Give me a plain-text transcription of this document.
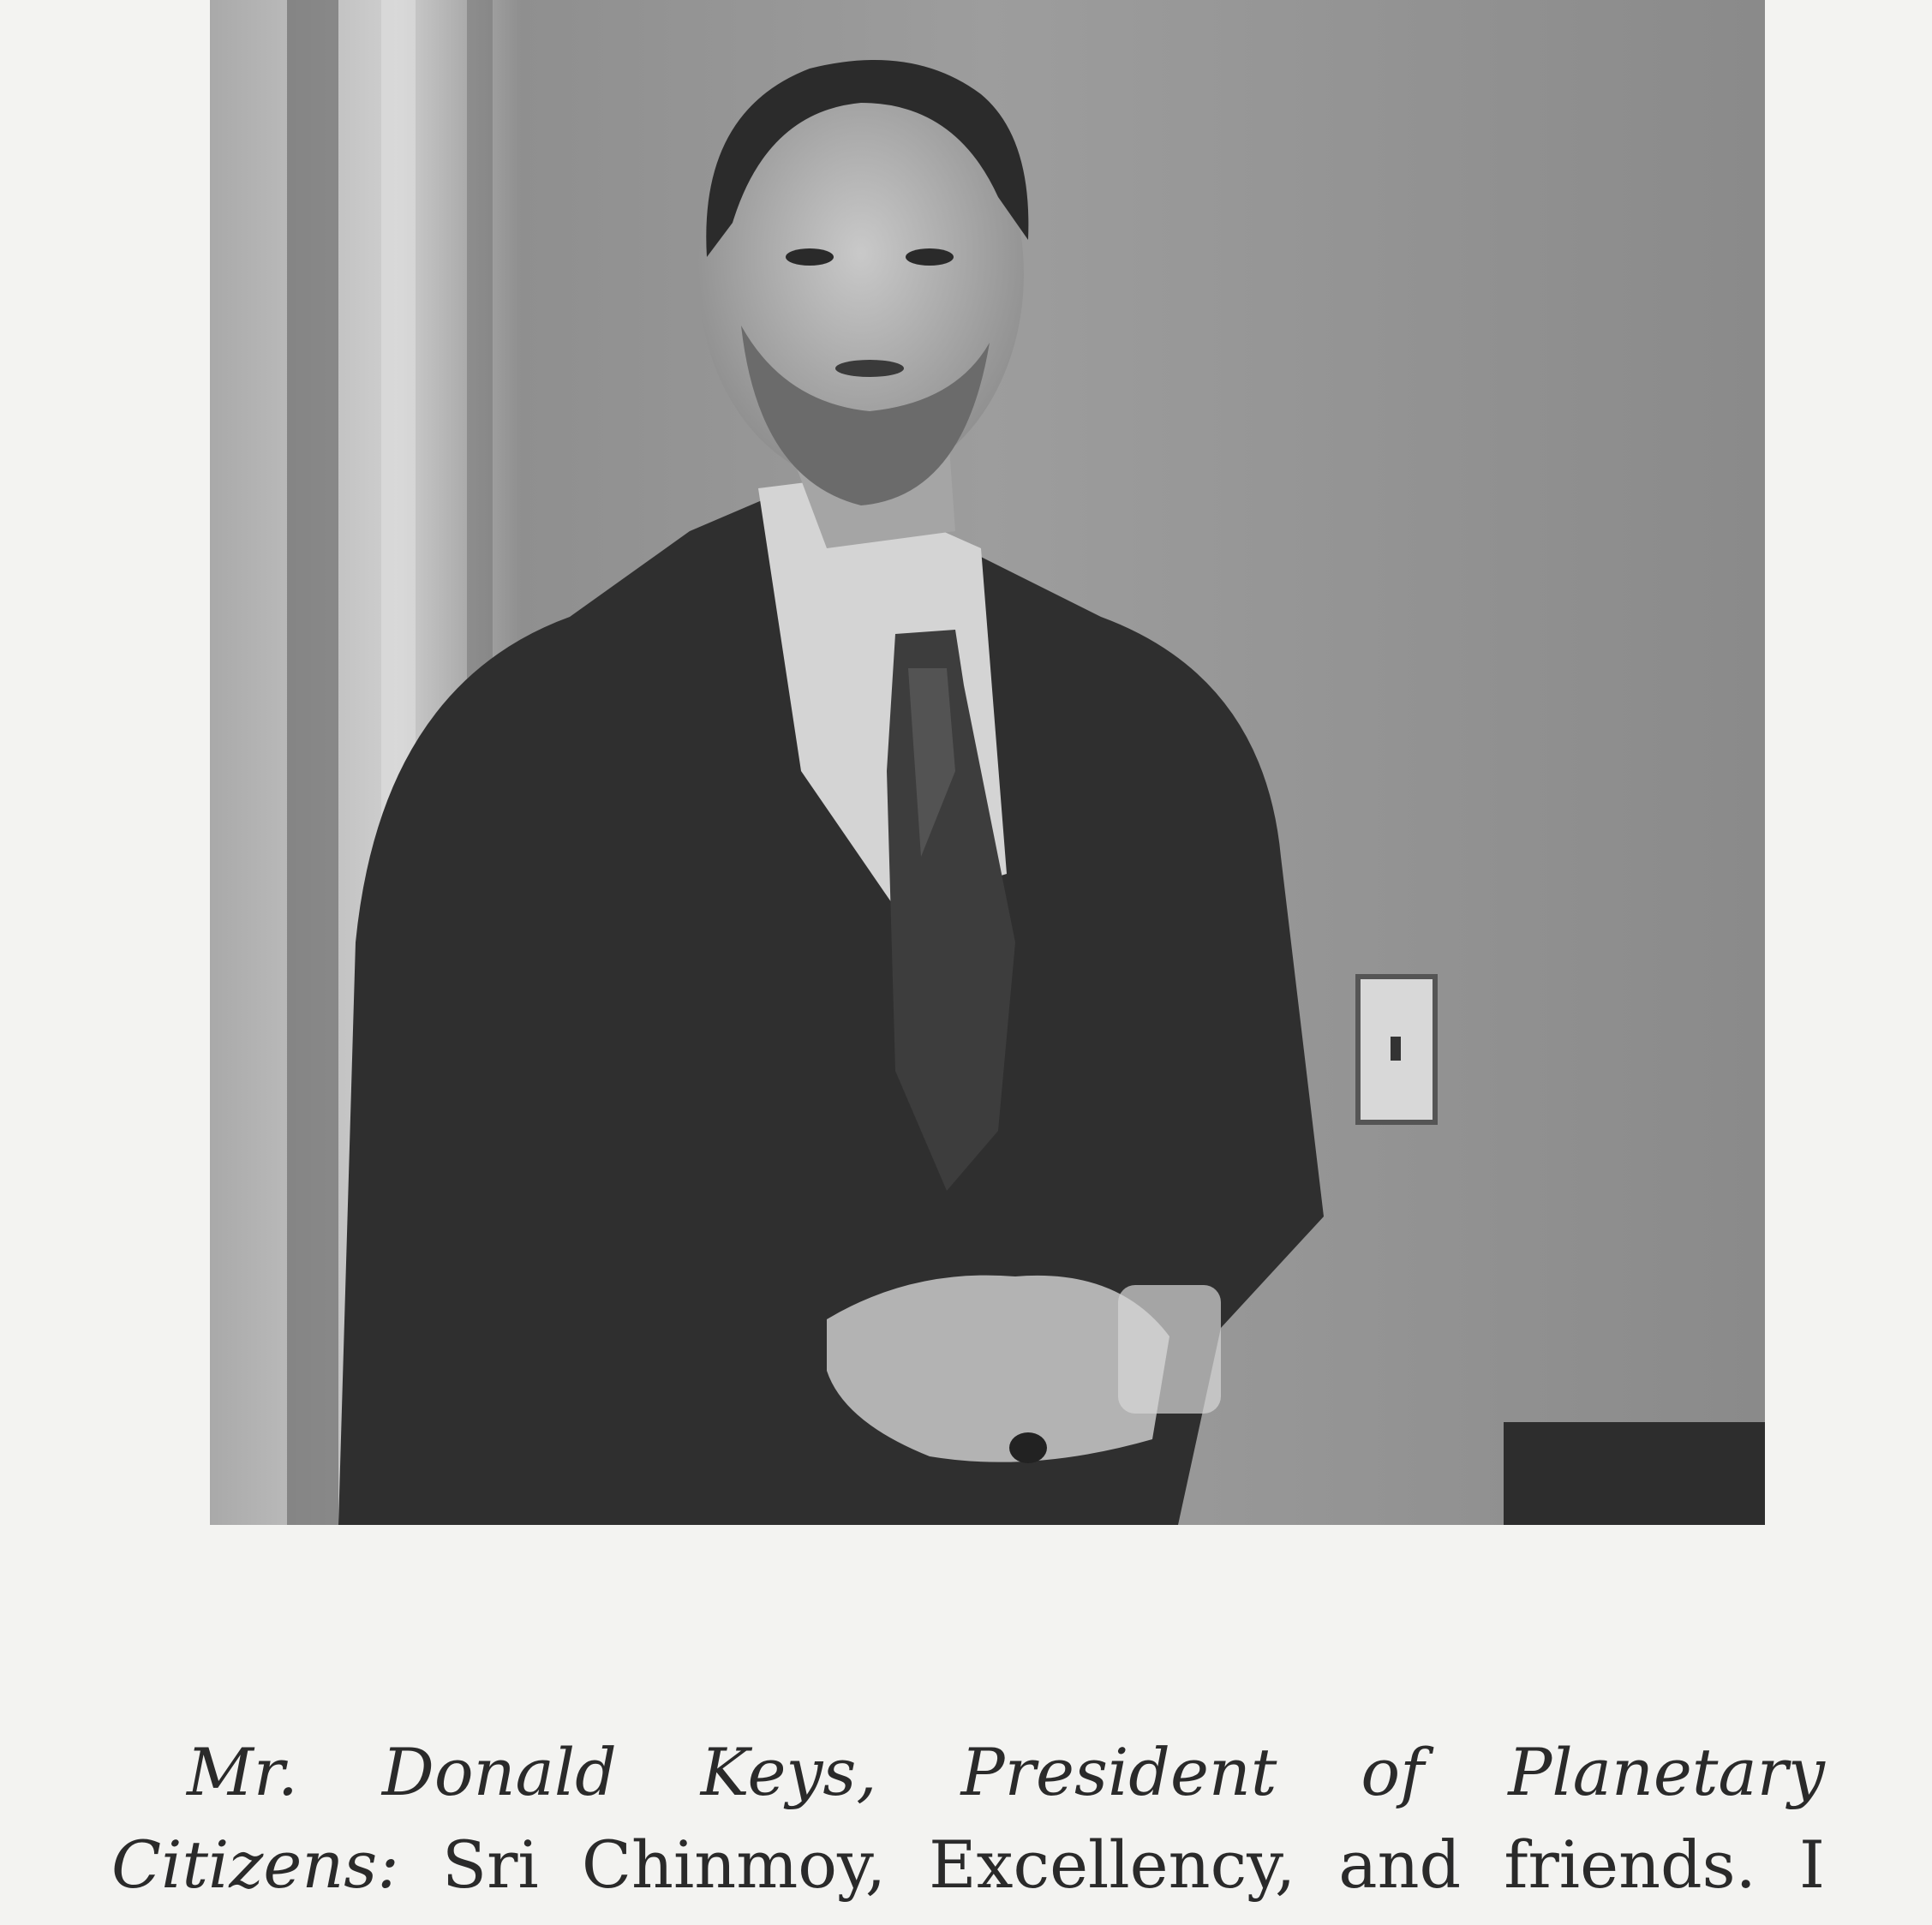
Mr. Donald Keys, President of Planetary
Citizens: Sri Chinmoy, Excellency, and friends. I
